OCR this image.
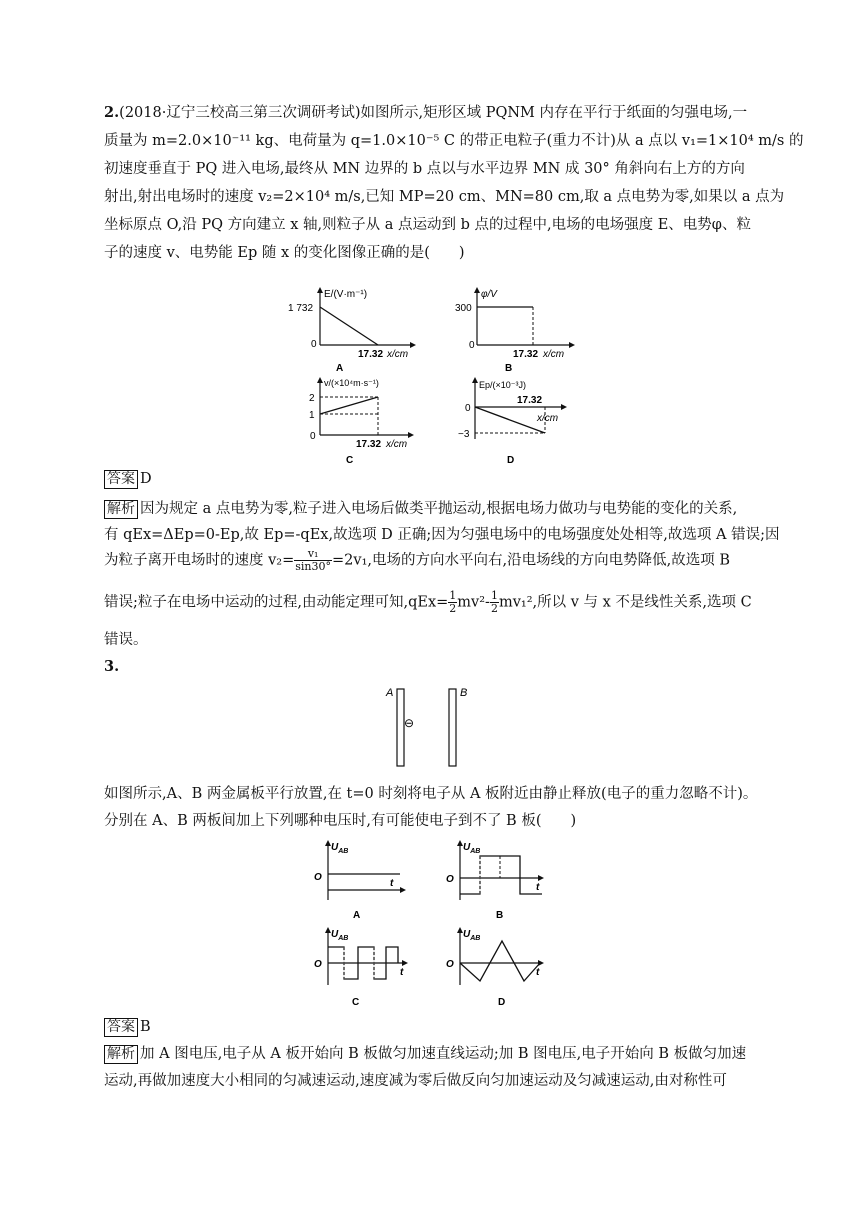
2.(2018·辽宁三校高三第三次调研考试)如图所示,矩形区域 PQNM 内存在平行于纸面的匀强电场,一
质量为 m=2.0×10⁻¹¹ kg、电荷量为 q=1.0×10⁻⁵ C 的带正电粒子(重力不计)从 a 点以 v₁=1×10⁴ m/s 的
初速度垂直于 PQ 进入电场,最终从 MN 边界的 b 点以与水平边界 MN 成 30° 角斜向右上方的方向
射出,射出电场时的速度 v₂=2×10⁴ m/s,已知 MP=20 cm、MN=80 cm,取 a 点电势为零,如果以 a 点为
坐标原点 O,沿 PQ 方向建立 x 轴,则粒子从 a 点运动到 b 点的过程中,电场的电场强度 E、电势φ、粒
子的速度 v、电势能 Ep 随 x 的变化图像正确的是(　　)
E/(V·m⁻¹)
1 732
0
17.32 x/cm
A
φ/V
300
0
17.32 x/cm
B
v/(×10⁴m·s⁻¹)
2
1
0
17.32 x/cm
C
Ep/(×10⁻³J)
0
17.32
x/cm
−3
D
答案 D
解析 因为规定 a 点电势为零,粒子进入电场后做类平抛运动,根据电场力做功与电势能的变化的关系,
有 qEx=ΔEp=0-Ep,故 Ep=-qEx,故选项 D 正确;因为匀强电场中的电场强度处处相等,故选项 A 错误;因
为粒子离开电场时的速度 $v_2= \frac{\text{v₁}}{\sin 30^\circ} =2v_1$,电场的方向水平向右,沿电场线的方向电势降低,故选项 B
错误;粒子在电场中运动的过程,由动能定理可知$,qEx= \frac{1}{2} mv^2- \frac{1}{2} mv_1^2$,所以 v 与 x 不是线性关系,选项 C
错误。
3.
A	B
⊖
如图所示,A、B 两金属板平行放置,在 t=0 时刻将电子从 A 板附近由静止释放(电子的重力忽略不计)。
分别在 A、B 两板间加上下列哪种电压时,有可能使电子到不了 B 板(　　)
$U_{AB}$
O
t
A
$U_{AB}$
O
t
B
$U_{AB}$
O
t
C
$U_{AB}$
O
t
D
答案 B
解析 加 A 图电压,电子从 A 板开始向 B 板做匀加速直线运动;加 B 图电压,电子开始向 B 板做匀加速
运动,再做加速度大小相同的匀减速运动,速度减为零后做反向匀加速运动及匀减速运动,由对称性可
